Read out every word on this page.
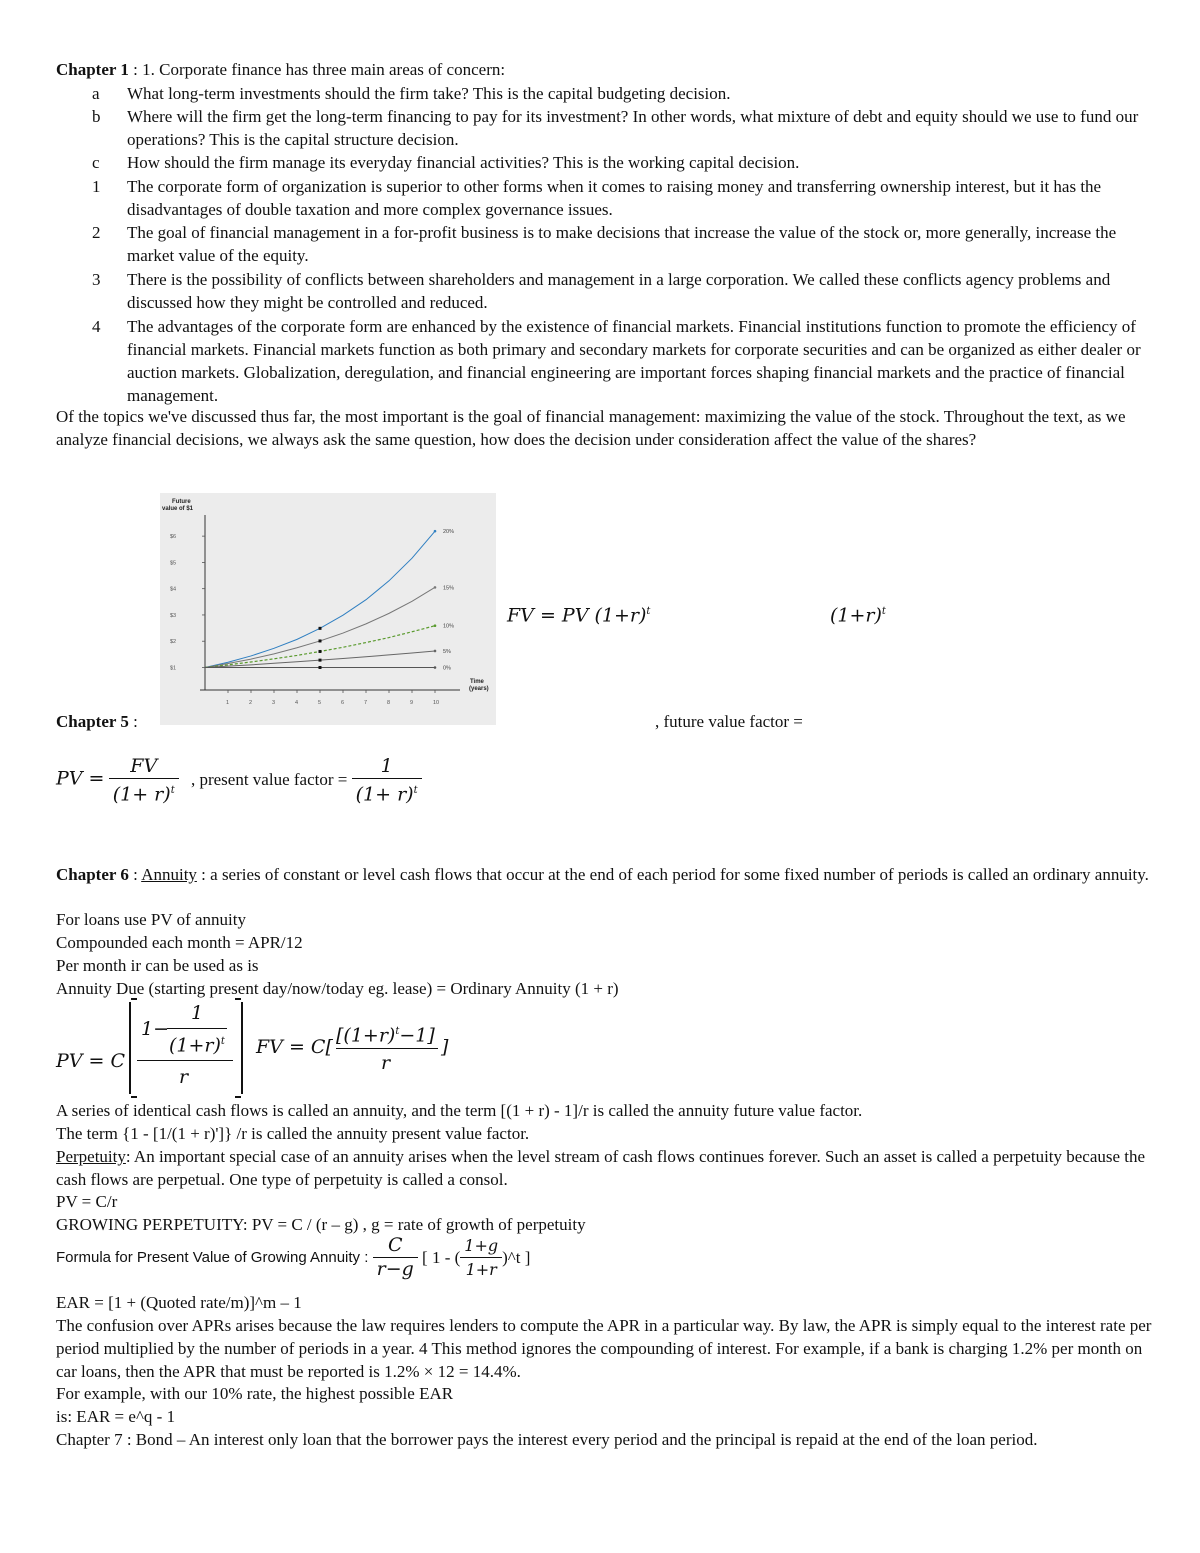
Chapter 1 : 1. Corporate finance has three main areas of concern:
a What long-term investments should the firm take? This is the capital budgeting decision.
b Where will the firm get the long-term financing to pay for its investment? In other words, what mixture of debt and equity should we use to fund our operations? This is the capital structure decision.
c How should the firm manage its everyday financial activities? This is the working capital decision.
1 The corporate form of organization is superior to other forms when it comes to raising money and transferring ownership interest, but it has the disadvantages of double taxation and more complex governance issues.
2 The goal of financial management in a for-profit business is to make decisions that increase the value of the stock or, more generally, increase the market value of the equity.
3 There is the possibility of conflicts between shareholders and management in a large corporation. We called these conflicts agency problems and discussed how they might be controlled and reduced.
4 The advantages of the corporate form are enhanced by the existence of financial markets. Financial institutions function to promote the efficiency of financial markets. Financial markets function as both primary and secondary markets for corporate securities and can be organized as either dealer or auction markets. Globalization, deregulation, and financial engineering are important forces shaping financial markets and the practice of financial management.
Of the topics we've discussed thus far, the most important is the goal of financial management: maximizing the value of the stock. Throughout the text, as we analyze financial decisions, we always ask the same question, how does the decision under consideration affect the value of the shares?
Future value of $1
$1
$2
$3
$4
$5
$6
1	2	3	4	5	6	7	8	9	10
Time (years)
20%
15%
10%
5%
0%
FV = PV $(1+r)^t$	$(1+r)^t$
Chapter 5 :	, future value factor =
PV = $\frac{FV}{(1+ r)^t}$ , present value factor = $\frac{1}{(1+ r)^t}$
Chapter 6 : Annuity : a series of constant or level cash flows that occur at the end of each period for some fixed number of periods is called an ordinary annuity.
For loans use PV of annuity
Compounded each month = APR/12
Per month ir can be used as is
Annuity Due (starting present day/now/today eg. lease) = Ordinary Annuity (1 + r)
PV = C
1−
1
$(1+r)^t$
r
FV = C[
$[(1+r)^t-1]$
r
]
A series of identical cash flows is called an annuity, and the term [(1 + r) - 1]/r is called the annuity future value factor.
The term {1 - [1/(1 + r)']} /r is called the annuity present value factor.
Perpetuity: An important special case of an annuity arises when the level stream of cash flows continues forever. Such an asset is called a perpetuity because the cash flows are perpetual. One type of perpetuity is called a consol.
PV = C/r
GROWING PERPETUITY: PV = C / (r – g) , g = rate of growth of perpetuity
Formula for Present Value of Growing Annuity : $\frac{C}{r-g}$ [ 1 - ( $\frac{1+g}{1+r}$ )^t ]
EAR = [1 + (Quoted rate/m)]^m – 1
The confusion over APRs arises because the law requires lenders to compute the APR in a particular way. By law, the APR is simply equal to the interest rate per period multiplied by the number of periods in a year. 4 This method ignores the compounding of interest. For example, if a bank is charging 1.2% per month on car loans, then the APR that must be reported is 1.2% × 12 = 14.4%.
For example, with our 10% rate, the highest possible EAR
is: EAR = e^q - 1
Chapter 7 : Bond – An interest only loan that the borrower pays the interest every period and the principal is repaid at the end of the loan period.
